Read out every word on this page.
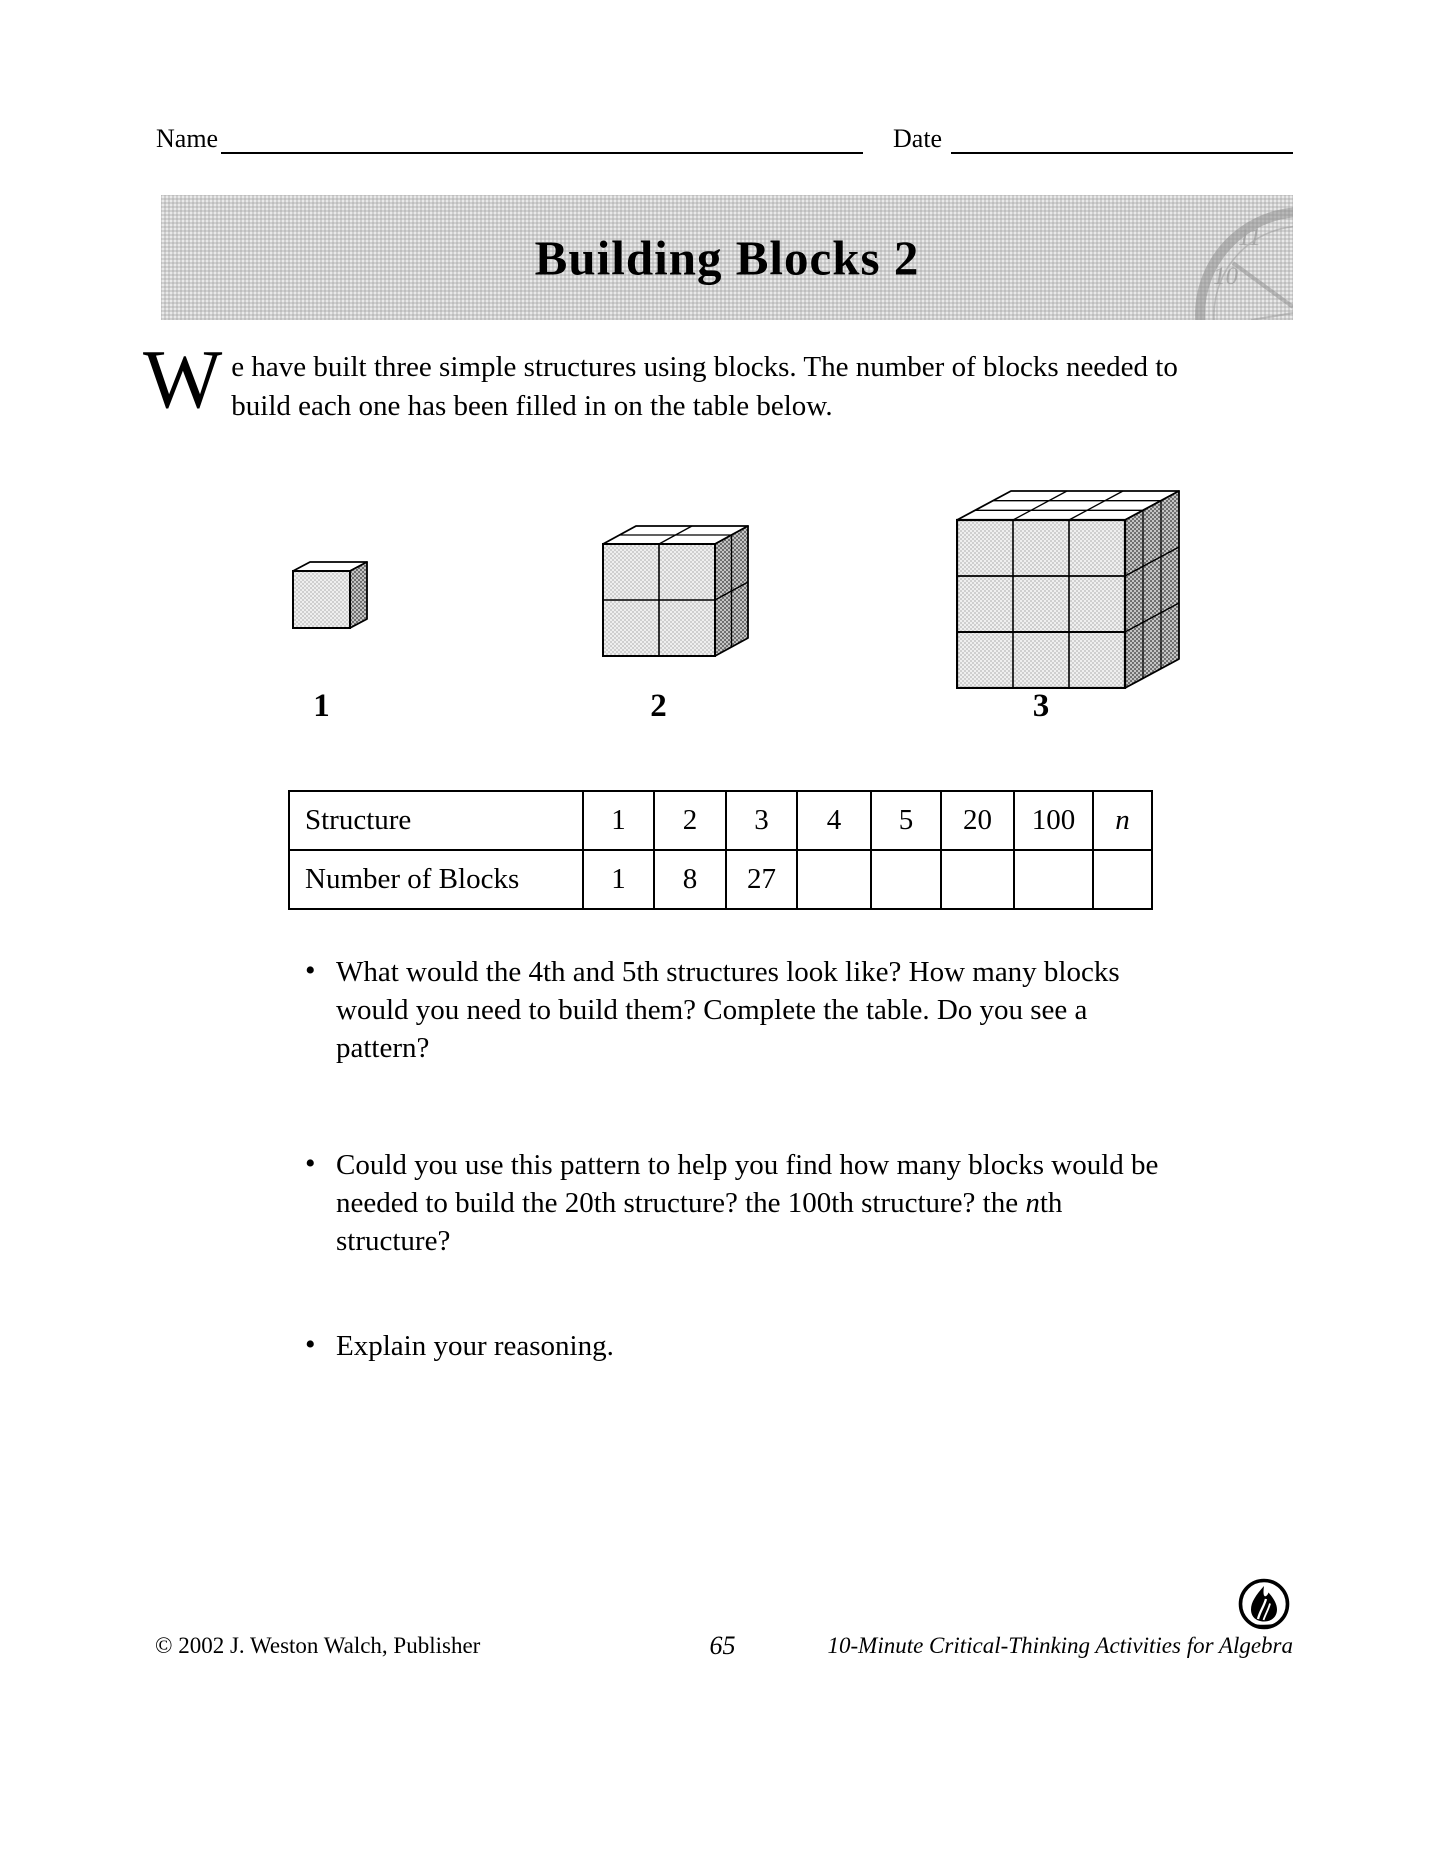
Name	Date
11
10
Building Blocks 2
We have built three simple structures using blocks. The number of blocks needed to build each one has been filled in on the table below.
1	2	3
Structure	1	2	3	4	5	20	100	n
Number of Blocks	1	8	27					
• What would the 4th and 5th structures look like? How many blocks would you need to build them? Complete the table. Do you see a pattern?
• Could you use this pattern to help you find how many blocks would be needed to build the 20th structure? the 100th structure? the nth structure?
• Explain your reasoning.
© 2002 J. Weston Walch, Publisher	65	10-Minute Critical-Thinking Activities for Algebra
